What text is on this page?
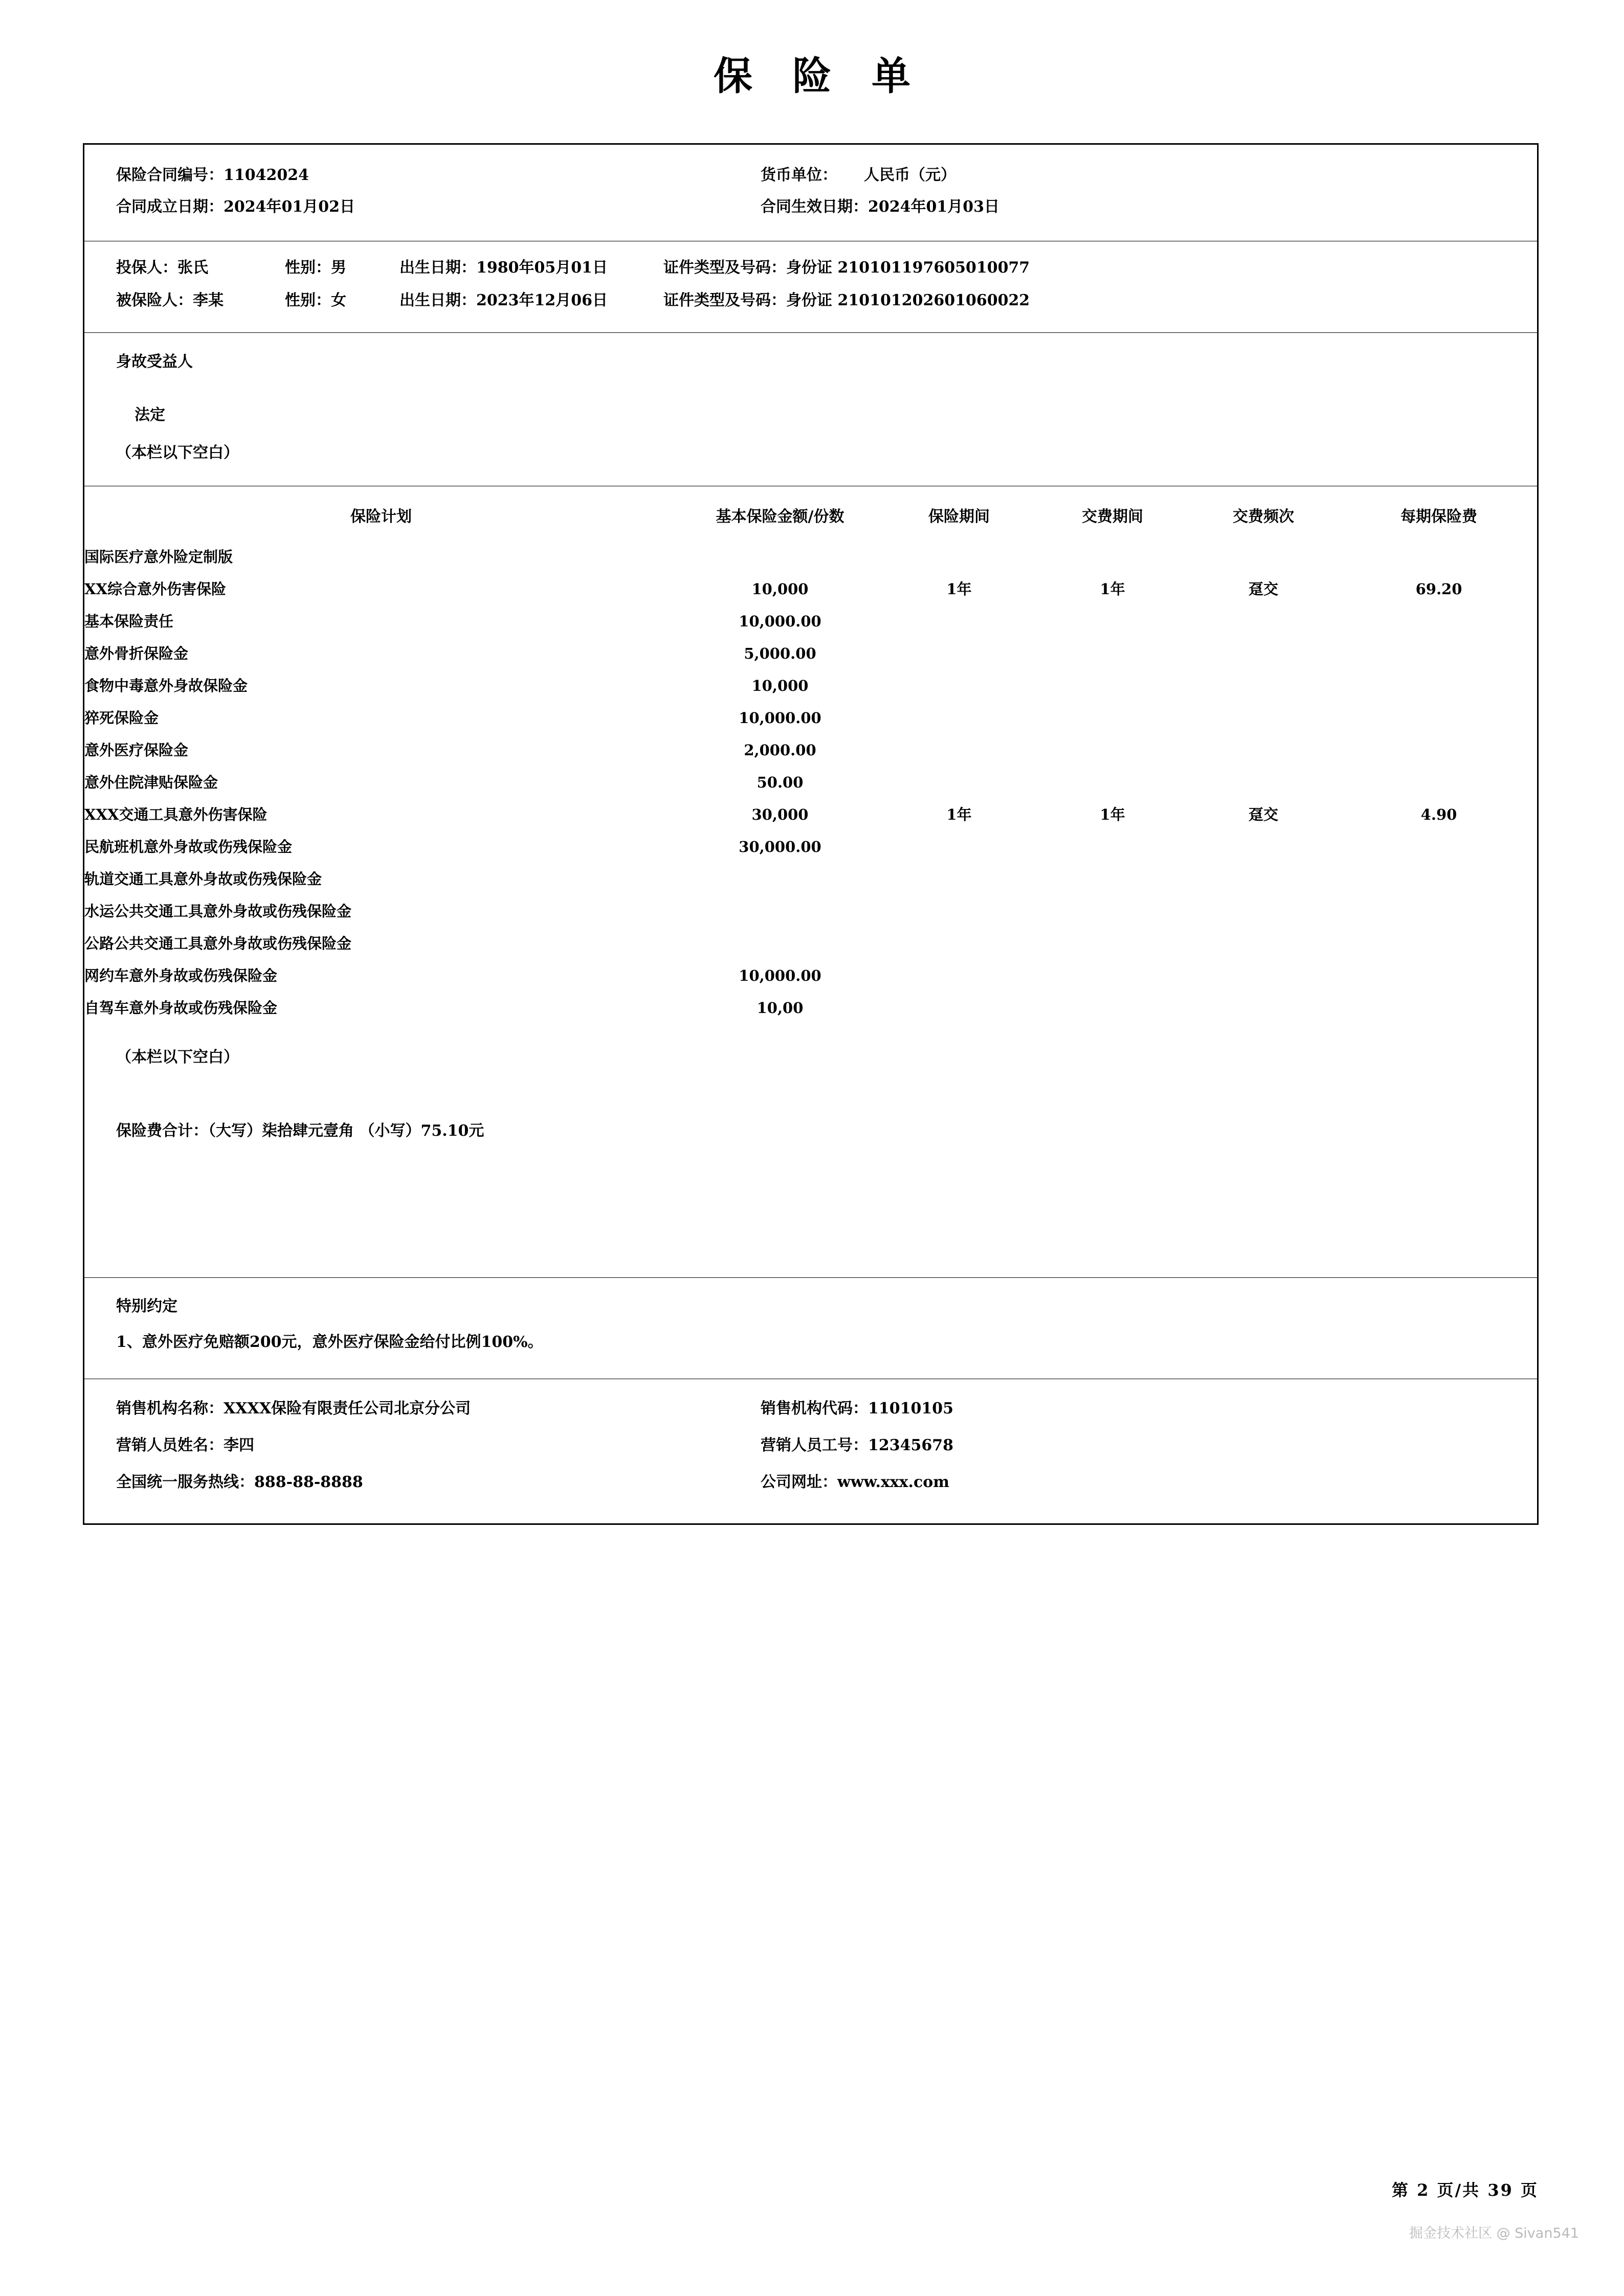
保 险 单
保险合同编号：11042024	货币单位： 人民币（元）
合同成立日期：2024年01月02日	合同生效日期：2024年01月03日
投保人：张氏	性别：男	出生日期：1980年05月01日	证件类型及号码：身份证 210101197605010077
被保险人：李某	性别：女	出生日期：2023年12月06日	证件类型及号码：身份证 210101202601060022
身故受益人
法定
（本栏以下空白）
保险计划	基本保险金额/份数	保险期间	交费期间	交费频次	每期保险费
国际医疗意外险定制版					
XX综合意外伤害保险	10,000	1年	1年	趸交	69.20
基本保险责任	10,000.00				
意外骨折保险金	5,000.00				
食物中毒意外身故保险金	10,000				
猝死保险金	10,000.00				
意外医疗保险金	2,000.00				
意外住院津贴保险金	50.00				
XXX交通工具意外伤害保险	30,000	1年	1年	趸交	4.90
民航班机意外身故或伤残保险金	30,000.00				
轨道交通工具意外身故或伤残保险金					
水运公共交通工具意外身故或伤残保险金					
公路公共交通工具意外身故或伤残保险金					
网约车意外身故或伤残保险金	10,000.00				
自驾车意外身故或伤残保险金	10,00				
（本栏以下空白）
保险费合计：（大写）柒拾肆元壹角 （小写）75.10元
特别约定
1、意外医疗免赔额200元，意外医疗保险金给付比例100%。
销售机构名称：XXXX保险有限责任公司北京分公司	销售机构代码：11010105
营销人员姓名：李四	营销人员工号：12345678
全国统一服务热线：888-88-8888	公司网址：www.xxx.com
第 2 页/共 39 页
掘金技术社区 @ Sivan541
